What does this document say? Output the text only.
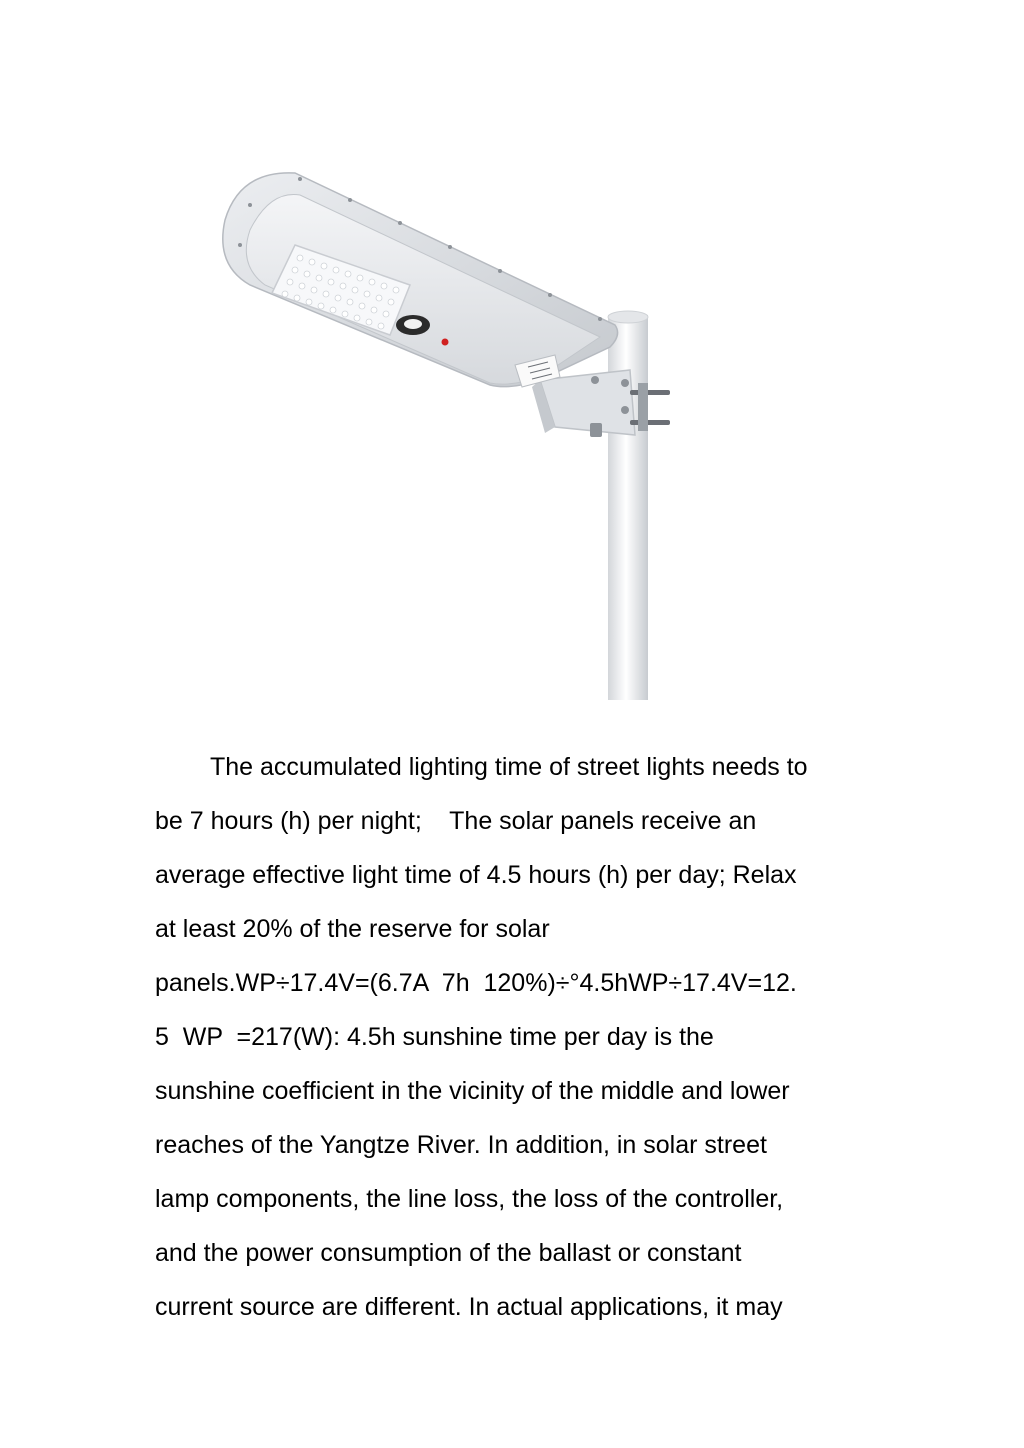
The accumulated lighting time of street lights needs to
be 7 hours (h) per night;    The solar panels receive an
average effective light time of 4.5 hours (h) per day; Relax
at least 20% of the reserve for solar
panels.WP÷17.4V=(6.7A  7h  120%)÷°4.5hWP÷17.4V=12.
5  WP  =217(W): 4.5h sunshine time per day is the
sunshine coefficient in the vicinity of the middle and lower
reaches of the Yangtze River. In addition, in solar street
lamp components, the line loss, the loss of the controller,
and the power consumption of the ballast or constant
current source are different. In actual applications, it may
